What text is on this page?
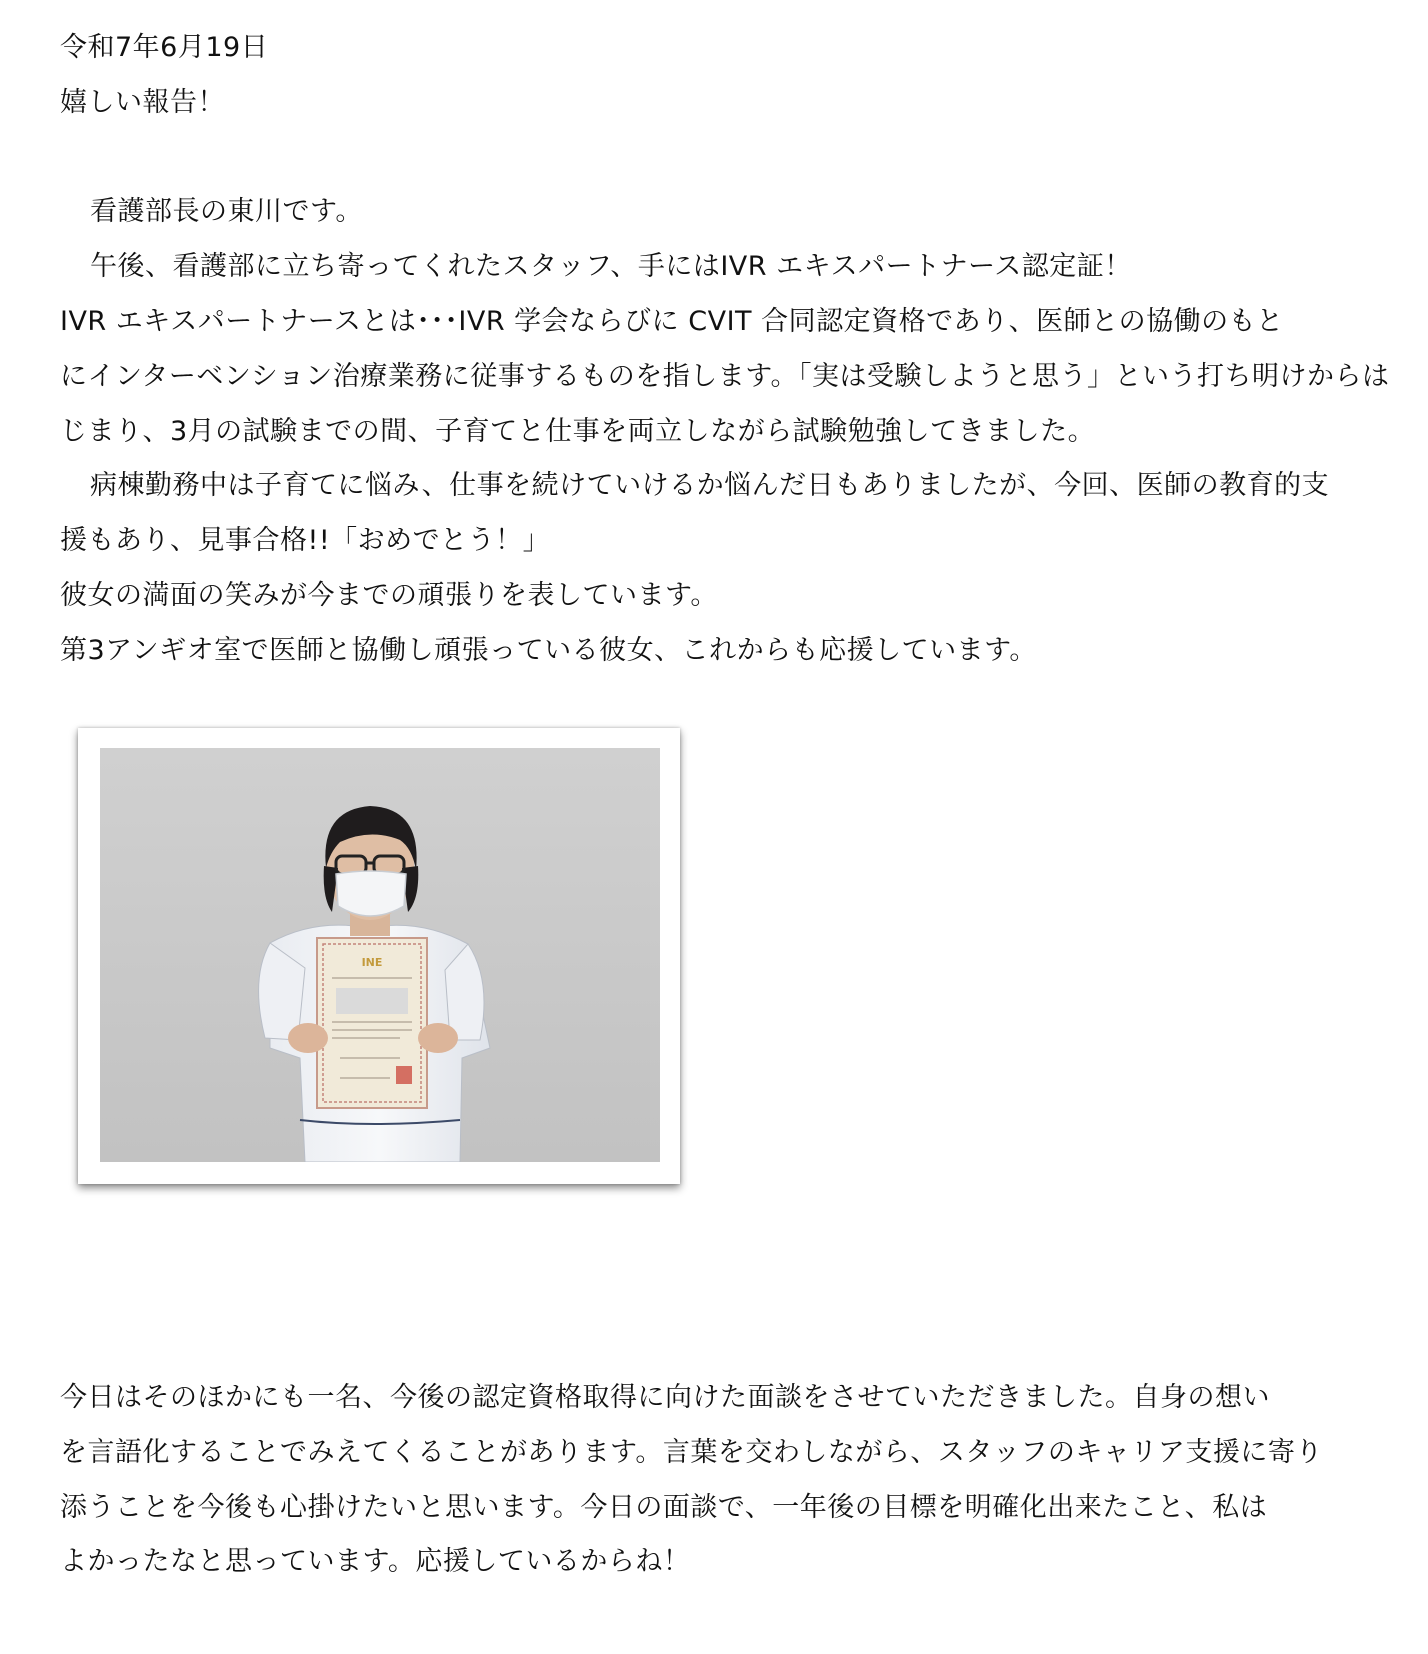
令和7年6月19日
嬉しい報告！
看護部長の東川です。
午後、看護部に立ち寄ってくれたスタッフ、手にはIVR エキスパートナース認定証！
IVR エキスパートナースとは･･･IVR 学会ならびに CVIT 合同認定資格であり、医師との協働のもと
にインターベンション治療業務に従事するものを指します。「実は受験しようと思う」という打ち明けからは
じまり、3月の試験までの間、子育てと仕事を両立しながら試験勉強してきました。
病棟勤務中は子育てに悩み、仕事を続けていけるか悩んだ日もありましたが、今回、医師の教育的支
援もあり、見事合格!!「おめでとう！」
彼女の満面の笑みが今までの頑張りを表しています。
第3アンギオ室で医師と協働し頑張っている彼女、これからも応援しています。
INE
今日はそのほかにも一名、今後の認定資格取得に向けた面談をさせていただきました。自身の想い
を言語化することでみえてくることがあります。言葉を交わしながら、スタッフのキャリア支援に寄り
添うことを今後も心掛けたいと思います。今日の面談で、一年後の目標を明確化出来たこと、私は
よかったなと思っています。応援しているからね！
